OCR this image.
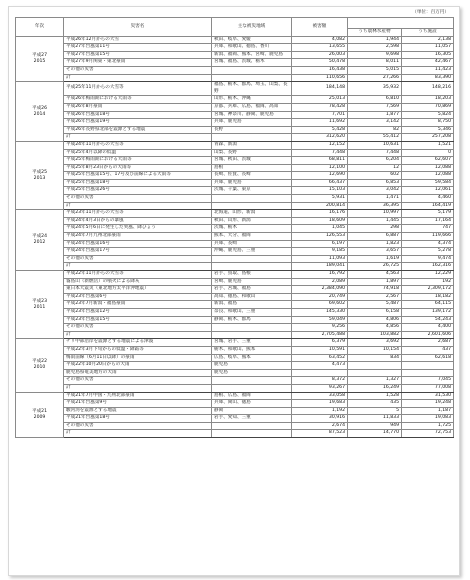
（単位：百万円）
年次	災害名	主な被災地域	被害額		
				うち農林水産物	うち施設

平成27
2015	平成26年12月からの大雪	秋田、岐阜、愛媛	4,082	1,944	2,138
	平成27年台風第11号	兵庫、和歌山、徳島、香川	13,655	2,598	11,057
	平成27年台風第15号	新潟、福岡、熊本、宮崎、鹿児島	26,003	9,698	16,305
	平成27年9月関東・東北豪雨	宮城、福島、茨城、栃木	50,478	8,011	42,467
	その他の災害		16,438	5,015	11,423
	計		110,656	27,266	83,390

平成26
2014	平成25年11月からの大雪等	福島、栃木、群馬、埼玉、山梨、長野	184,148	35,932	148,216
	平成26年梅雨期における大雨等	山形、栃木、沖縄	25,013	6,810	18,203
	平成26年8月豪雨	京都、兵庫、広島、福岡、高知	78,428	7,569	70,869
	平成26年台風第18号	宮城、神奈川、静岡、鹿児島	7,701	1,877	5,824
	平成26年台風第19号	兵庫、鹿児島	11,692	3,142	8,750
	平成26年長野県北部を震源とする地震	長野	5,428	82	5,346
	計		312,620	55,412	257,208

平成25
2013	平成24年11月からの大雪等	青森、新潟	12,152	10,631	1,521
	平成25年4月以降の低温	山梨、長野	7,448	7,448	0
	平成25年梅雨期における大雨等	宮城、秋田、茨城	68,811	6,204	62,607
	平成25年8月23日からの大雨等	島根	12,100	12	12,088
	平成25年台風第15号、17号及び前線による大雨等	長崎、佐賀、長崎	12,690	602	12,088
	平成25年台風第18号	兵庫、鹿児島	66,437	6,853	59,584
	平成25年台風第26号	茨城、千葉、東京	15,103	3,042	12,061
	その他の災害		5,931	1,471	4,460
	計		200,814	36,395	164,419

平成24
2012	平成23年11月からの大雪等	北海道、山形、新潟	16,176	10,997	5,179
	平成24年4月3日からの暴風	秋田、山形、新潟	18,609	1,445	17,164
	平成24年5月6日に発生した突風、降ひょう	茨城、栃木	1,045	298	747
	平成24年7月九州北部豪雨	熊本、大分、福岡	126,553	6,887	119,666
	平成24年台風第16号	兵庫、長崎	6,197	1,823	4,374
	平成24年台風第17号	沖縄、鹿児島、三重	9,185	3,657	5,278
	その他の災害		11,093	1,619	9,474
	計		189,041	26,725	162,316

平成23
2011	平成22年11月からの大雪等	岩手、鳥取、島根	16,792	4,563	12,229
	霧島山（新燃岳）の噴火による降灰	宮崎、鹿児島	2,089	1,897	192
	東日本大震災（東北地方太平洋沖地震）	岩手、宮城、福島	2,384,090	74,918	2,309,172
	平成23年台風第6号	高知、徳島、和歌山	20,749	2,567	18,182
	平成23年7月新潟・福島豪雨	新潟、福島	69,602	5,487	64,115
	平成23年台風第12号	奈良、和歌山、三重	145,330	6,158	139,172
	平成23年台風第15号	静岡、栃木、群馬	59,049	4,806	54,243
	その他の災害		9,256	4,856	4,400
	計		2,705,488	103,882	2,601,606

平成22
2010	チリ中部沿岸を震源とする地震による津波	宮城、岩手、三重	6,379	3,692	2,687
	平成22年3月下旬からの低温・降霜等	栃木、和歌山、熊本	10,591	10,154	437
	梅雨前線（6月11日以降）の豪雨	広島、岐阜、熊本	63,452	834	62,618
	平成22年10月20日からの大雨	鹿児島	4,473		
	鹿児島県奄美地方の大雨	鹿児島			
	その他の災害		8,372	1,327	7,045
	計		93,267	16,249	77,008

平成21
2009	平成21年7月中国・九州北部豪雨	島根、広島、福岡	33,058	1,528	31,530
	平成21年台風第9号	兵庫、岡山、徳島	19,683	435	19,248
	駿河湾を震源とする地震	静岡	1,192	5	1,187
	平成21年台風第18号	岩手、愛知、三重	30,916	11,833	19,083
	その他の災害		2,674	949	1,725
	計		87,523	14,770	72,753
